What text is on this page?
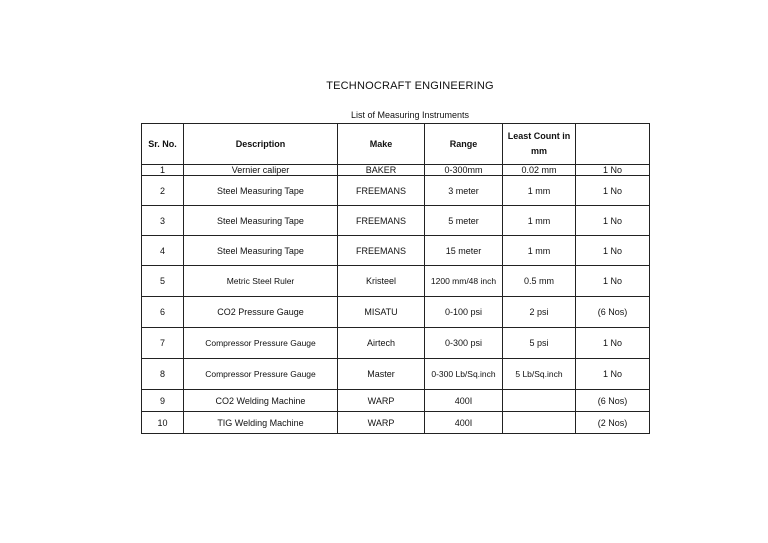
TECHNOCRAFT ENGINEERING
List of Measuring Instruments
Sr. No.	Description	Make	Range	Least Count in mm	
1	Vernier caliper	BAKER	0-300mm	0.02 mm	1 No
2	Steel Measuring Tape	FREEMANS	3 meter	1 mm	1 No
3	Steel Measuring Tape	FREEMANS	5 meter	1 mm	1 No
4	Steel Measuring Tape	FREEMANS	15 meter	1 mm	1 No
5	Metric Steel Ruler	Kristeel	1200 mm/48 inch	0.5 mm	1 No
6	CO2 Pressure Gauge	MISATU	0-100 psi	2 psi	(6 Nos)
7	Compressor Pressure Gauge	Airtech	0-300 psi	5 psi	1 No
8	Compressor Pressure Gauge	Master	0-300 Lb/Sq.inch	5 Lb/Sq.inch	1 No
9	CO2 Welding Machine	WARP	400I		(6 Nos)
10	TIG Welding Machine	WARP	400I		(2 Nos)
